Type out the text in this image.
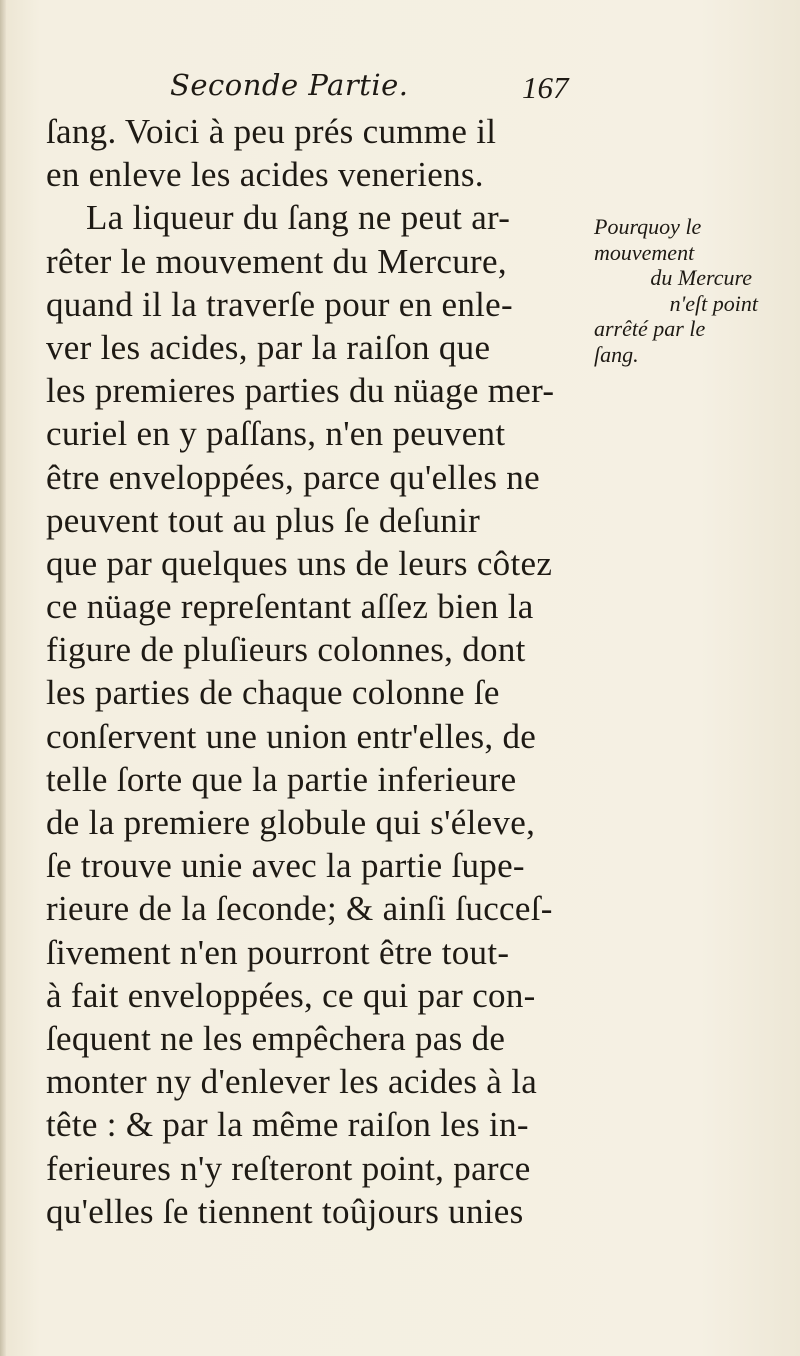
Seconde Partie.	167
ſang. Voici à peu prés cumme il
en enleve les acides veneriens.
La liqueur du ſang ne peut ar-
rêter le mouvement du Mercure,
quand il la traverſe pour en enle-
ver les acides, par la raiſon que
les premieres parties du nüage mer-
curiel en y paſſans, n'en peuvent
être enveloppées, parce qu'elles ne
peuvent tout au plus ſe deſunir
que par quelques uns de leurs côtez
ce nüage repreſentant aſſez bien la
figure de pluſieurs colonnes, dont
les parties de chaque colonne ſe
conſervent une union entr'elles, de
telle ſorte que la partie inferieure
de la premiere globule qui s'éleve,
ſe trouve unie avec la partie ſupe-
rieure de la ſeconde; & ainſi ſucceſ-
ſivement n'en pourront être tout-
à fait enveloppées, ce qui par con-
ſequent ne les empêchera pas de
monter ny d'enlever les acides à la
tête : & par la même raiſon les in-
ferieures n'y reſteront point, parce
qu'elles ſe tiennent toûjours unies
Pourquoy le
mouvement
du Mercure
n'eſt point
arrêté par le
ſang.
